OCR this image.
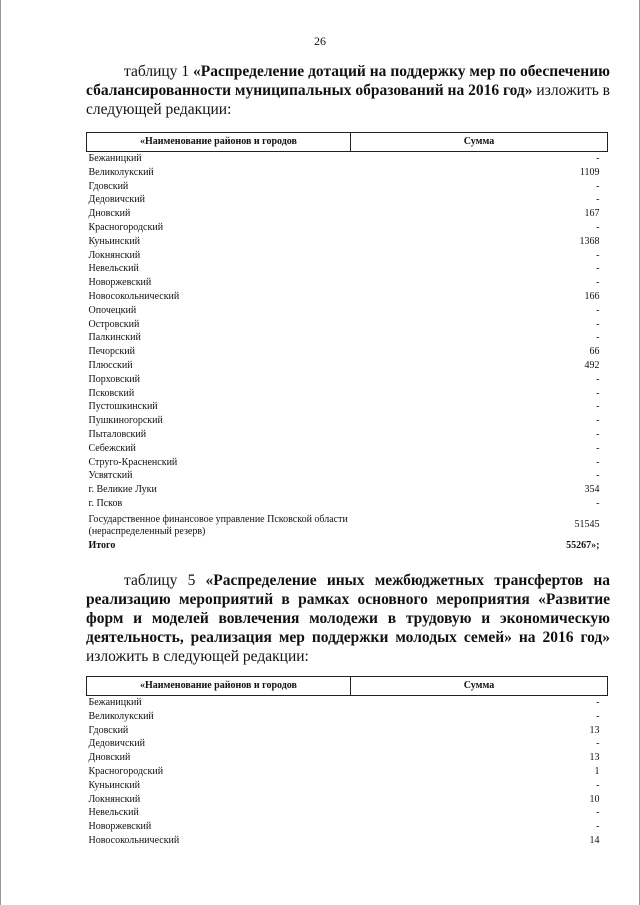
26
таблицу 1 «Распределение дотаций на поддержку мер по обеспечению сбалансированности муниципальных образований на 2016 год» изложить в следующей редакции:
«Наименование районов и городов	Сумма
Бежаницкий	-
Великолукский	1109
Гдовский	-
Дедовичский	-
Дновский	167
Красногородский	-
Куньинский	1368
Локнянский	-
Невельский	-
Новоржевский	-
Новосокольнический	166
Опочецкий	-
Островский	-
Палкинский	-
Печорский	66
Плюсский	492
Порховский	-
Псковский	-
Пустошкинский	-
Пушкиногорский	-
Пыталовский	-
Себежский	-
Струго-Красненский	-
Усвятский	-
г. Великие Луки	354
г. Псков	-
Государственное финансовое управление Псковской области (нераспределенный резерв)	51545
Итого	55267»;
таблицу 5 «Распределение иных межбюджетных трансфертов на реализацию мероприятий в рамках основного мероприятия «Развитие форм и моделей вовлечения молодежи в трудовую и экономическую деятельность, реализация мер поддержки молодых семей» на 2016 год» изложить в следующей редакции:
«Наименование районов и городов	Сумма
Бежаницкий	-
Великолукский	-
Гдовский	13
Дедовичский	-
Дновский	13
Красногородский	1
Куньинский	-
Локнянский	10
Невельский	-
Новоржевский	-
Новосокольнический	14
